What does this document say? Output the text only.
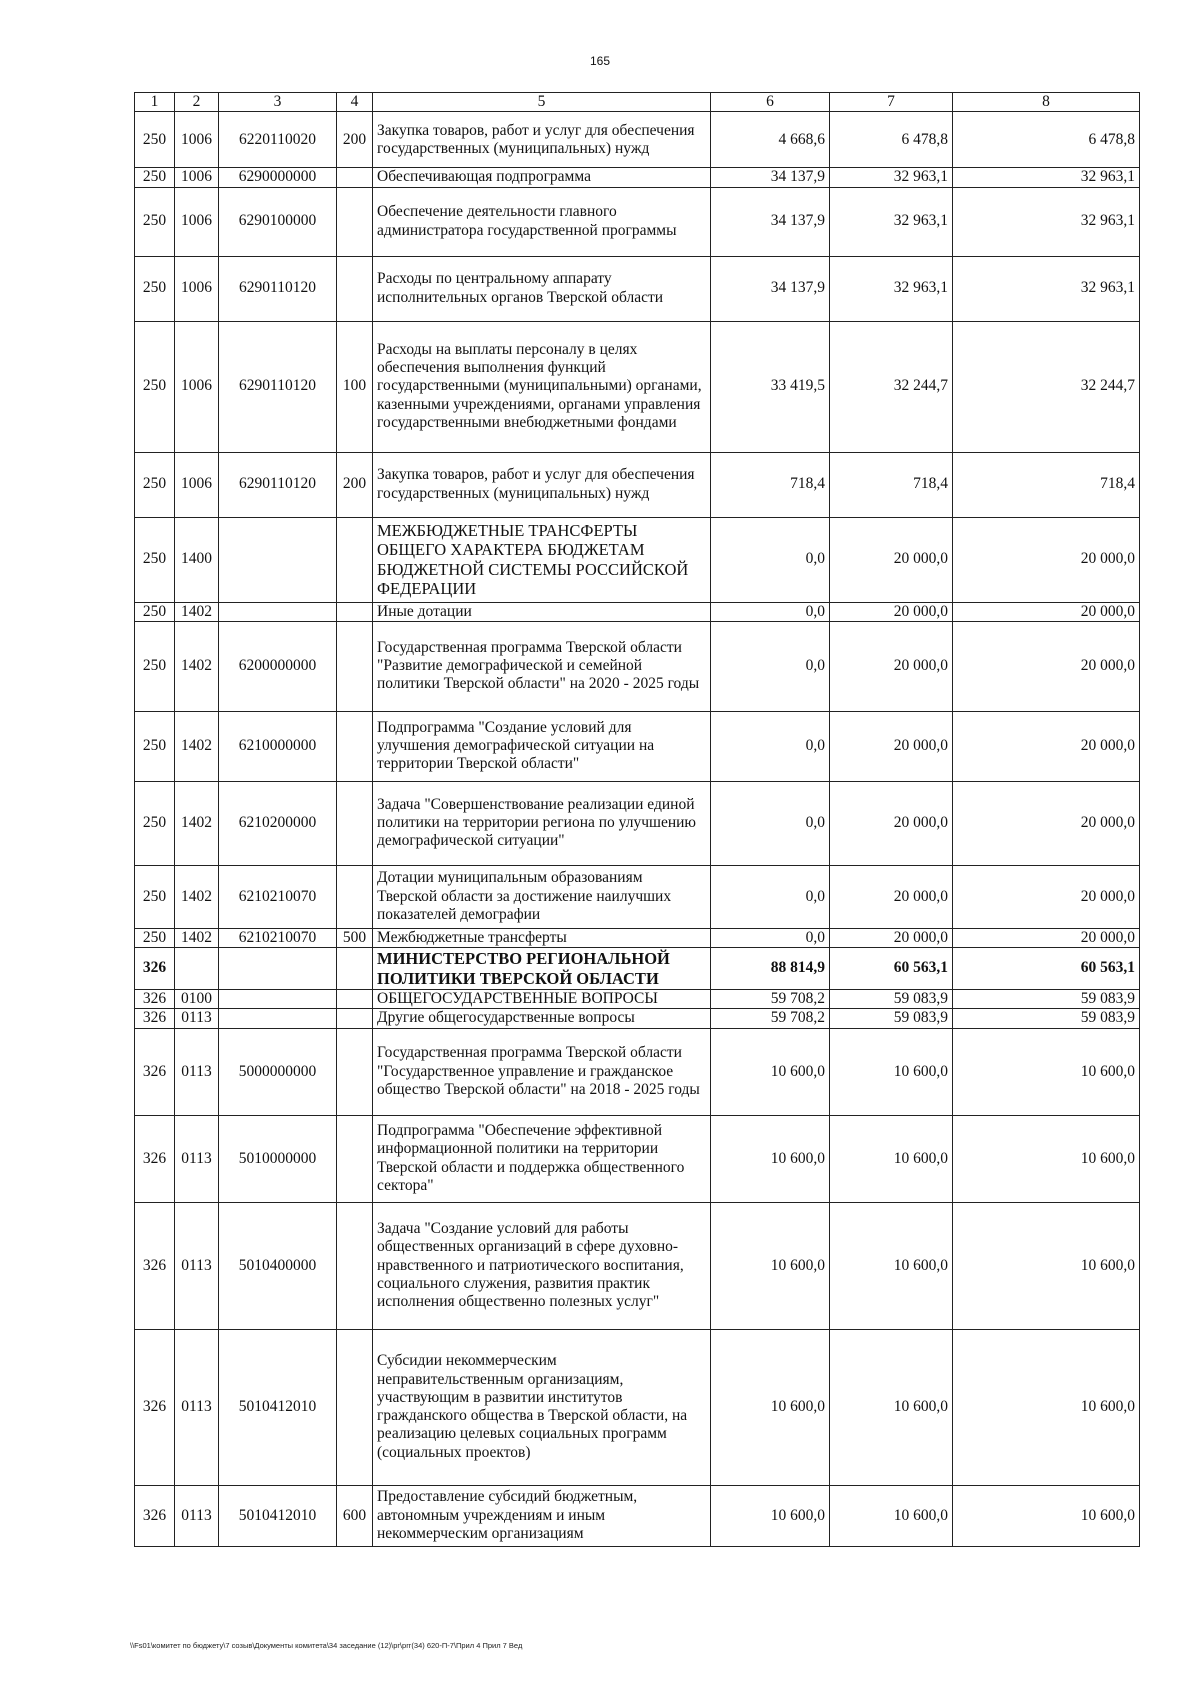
165
1	2	3	4	5	6	7	8
250	1006	6220110020	200	Закупка товаров, работ и услуг для обеспечения государственных (муниципальных) нужд	4 668,6	6 478,8	6 478,8
250	1006	6290000000		Обеспечивающая подпрограмма	34 137,9	32 963,1	32 963,1
250	1006	6290100000		Обеспечение деятельности главного администратора государственной программы	34 137,9	32 963,1	32 963,1
250	1006	6290110120		Расходы по центральному аппарату исполнительных органов Тверской области	34 137,9	32 963,1	32 963,1
250	1006	6290110120	100	Расходы на выплаты персоналу в целях обеспечения выполнения функций государственными (муниципальными) органами, казенными учреждениями, органами управления государственными внебюджетными фондами	33 419,5	32 244,7	32 244,7
250	1006	6290110120	200	Закупка товаров, работ и услуг для обеспечения государственных (муниципальных) нужд	718,4	718,4	718,4
250	1400			МЕЖБЮДЖЕТНЫЕ ТРАНСФЕРТЫ ОБЩЕГО ХАРАКТЕРА БЮДЖЕТАМ БЮДЖЕТНОЙ СИСТЕМЫ РОССИЙСКОЙ ФЕДЕРАЦИИ	0,0	20 000,0	20 000,0
250	1402			Иные дотации	0,0	20 000,0	20 000,0
250	1402	6200000000		Государственная программа Тверской области "Развитие демографической и семейной политики Тверской области" на 2020 - 2025 годы	0,0	20 000,0	20 000,0
250	1402	6210000000		Подпрограмма "Создание условий для улучшения демографической ситуации на территории Тверской области"	0,0	20 000,0	20 000,0
250	1402	6210200000		Задача "Совершенствование реализации единой политики на территории региона по улучшению демографической ситуации"	0,0	20 000,0	20 000,0
250	1402	6210210070		Дотации муниципальным образованиям Тверской области за достижение наилучших показателей демографии	0,0	20 000,0	20 000,0
250	1402	6210210070	500	Межбюджетные трансферты	0,0	20 000,0	20 000,0
326				МИНИСТЕРСТВО РЕГИОНАЛЬНОЙ ПОЛИТИКИ ТВЕРСКОЙ ОБЛАСТИ	88 814,9	60 563,1	60 563,1
326	0100			ОБЩЕГОСУДАРСТВЕННЫЕ ВОПРОСЫ	59 708,2	59 083,9	59 083,9
326	0113			Другие общегосударственные вопросы	59 708,2	59 083,9	59 083,9
326	0113	5000000000		Государственная программа Тверской области "Государственное управление и гражданское общество Тверской области" на 2018 - 2025 годы	10 600,0	10 600,0	10 600,0
326	0113	5010000000		Подпрограмма "Обеспечение эффективной информационной политики на территории Тверской области и поддержка общественного сектора"	10 600,0	10 600,0	10 600,0
326	0113	5010400000		Задача "Создание условий для работы общественных организаций в сфере духовно-нравственного и патриотического воспитания, социального служения, развития практик исполнения общественно полезных услуг"	10 600,0	10 600,0	10 600,0
326	0113	5010412010		Субсидии некоммерческим неправительственным организациям, участвующим в развитии институтов гражданского общества в Тверской области, на реализацию целевых социальных программ (социальных проектов)	10 600,0	10 600,0	10 600,0
326	0113	5010412010	600	Предоставление субсидий бюджетным, автономным учреждениям и иным некоммерческим организациям	10 600,0	10 600,0	10 600,0
\\Fs01\комитет по бюджету\7 созыв\Документы комитета\34 заседание (12)\pr\prг(34) 620-П-7\Прил 4 Прил 7 Вед
